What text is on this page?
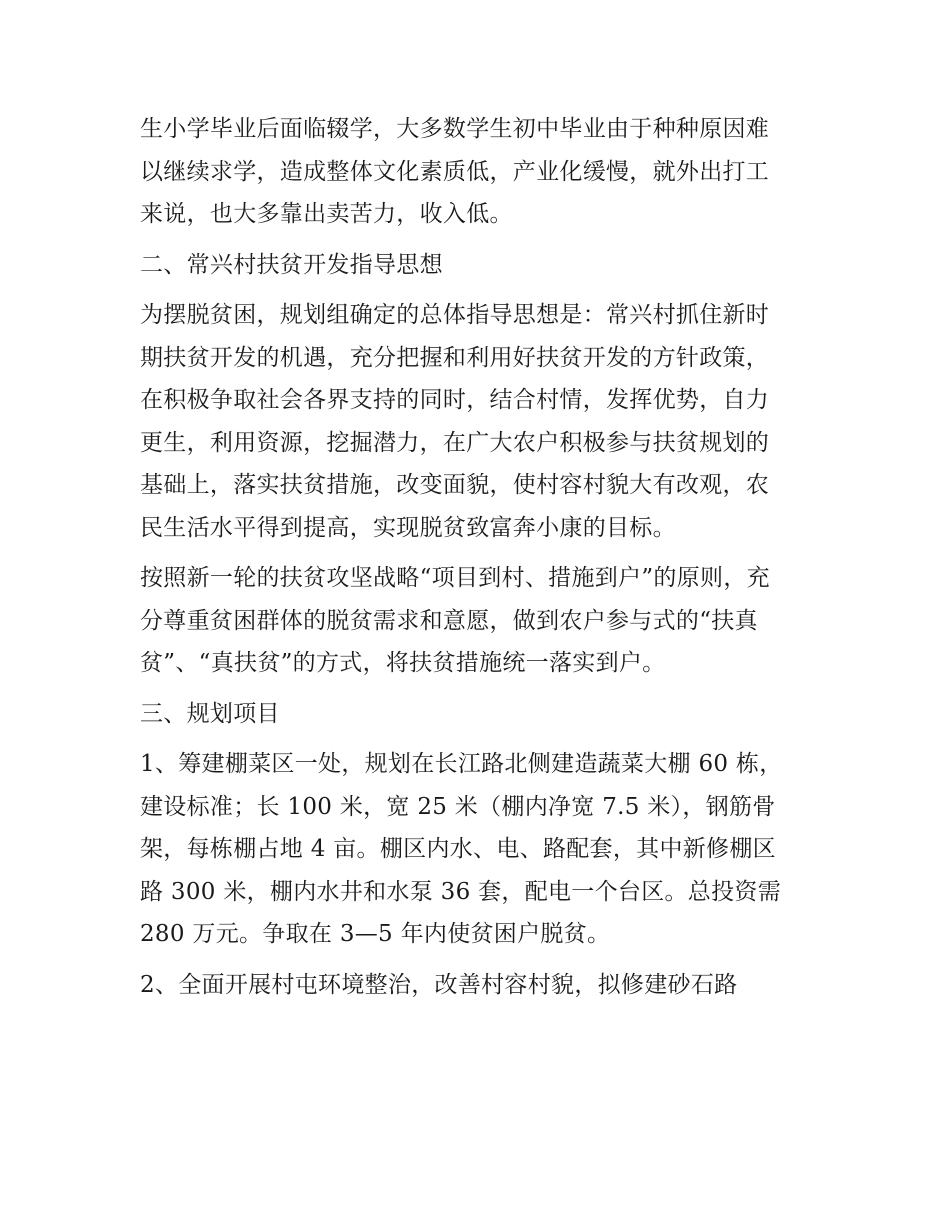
生小学毕业后面临辍学，大多数学生初中毕业由于种种原因难
以继续求学，造成整体文化素质低，产业化缓慢，就外出打工
来说，也大多靠出卖苦力，收入低。
二、常兴村扶贫开发指导思想
为摆脱贫困，规划组确定的总体指导思想是：常兴村抓住新时
期扶贫开发的机遇，充分把握和利用好扶贫开发的方针政策，
在积极争取社会各界支持的同时，结合村情，发挥优势，自力
更生，利用资源，挖掘潜力，在广大农户积极参与扶贫规划的
基础上，落实扶贫措施，改变面貌，使村容村貌大有改观，农
民生活水平得到提高，实现脱贫致富奔小康的目标。
按照新一轮的扶贫攻坚战略“项目到村、措施到户”的原则，充
分尊重贫困群体的脱贫需求和意愿，做到农户参与式的“扶真
贫”、“真扶贫”的方式，将扶贫措施统一落实到户。
三、规划项目
1、筹建棚菜区一处，规划在长江路北侧建造蔬菜大棚 60 栋，
建设标准；长 100 米，宽 25 米（棚内净宽 7.5 米），钢筋骨
架，每栋棚占地 4 亩。棚区内水、电、路配套，其中新修棚区
路 300 米，棚内水井和水泵 36 套，配电一个台区。总投资需
280 万元。争取在 3—5 年内使贫困户脱贫。
2、全面开展村屯环境整治，改善村容村貌，拟修建砂石路
